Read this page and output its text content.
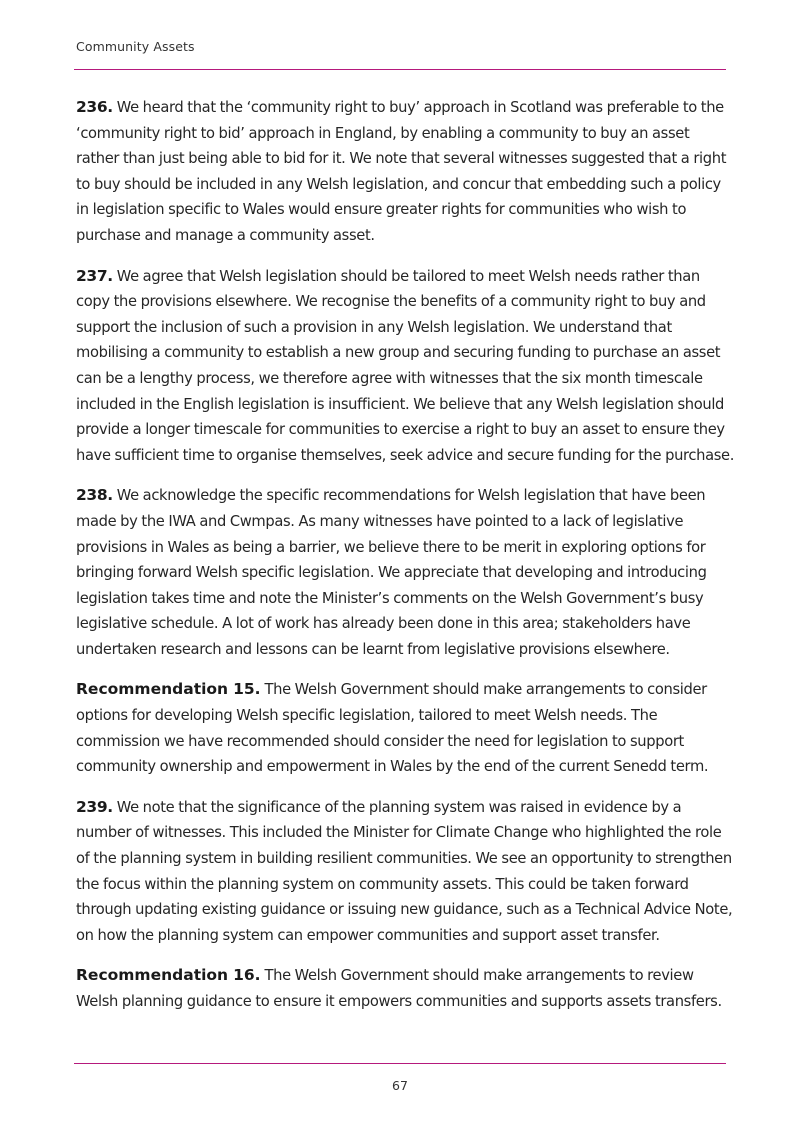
Community Assets

236. We heard that the ‘community right to buy’ approach in Scotland was preferable to the ‘community right to bid’ approach in England, by enabling a community to buy an asset rather than just being able to bid for it. We note that several witnesses suggested that a right to buy should be included in any Welsh legislation, and concur that embedding such a policy in legislation specific to Wales would ensure greater rights for communities who wish to purchase and manage a community asset.

237. We agree that Welsh legislation should be tailored to meet Welsh needs rather than copy the provisions elsewhere. We recognise the benefits of a community right to buy and support the inclusion of such a provision in any Welsh legislation. We understand that mobilising a community to establish a new group and securing funding to purchase an asset can be a lengthy process, we therefore agree with witnesses that the six month timescale included in the English legislation is insufficient. We believe that any Welsh legislation should provide a longer timescale for communities to exercise a right to buy an asset to ensure they have sufficient time to organise themselves, seek advice and secure funding for the purchase.

238. We acknowledge the specific recommendations for Welsh legislation that have been made by the IWA and Cwmpas. As many witnesses have pointed to a lack of legislative provisions in Wales as being a barrier, we believe there to be merit in exploring options for bringing forward Welsh specific legislation. We appreciate that developing and introducing legislation takes time and note the Minister’s comments on the Welsh Government’s busy legislative schedule. A lot of work has already been done in this area; stakeholders have undertaken research and lessons can be learnt from legislative provisions elsewhere.

Recommendation 15. The Welsh Government should make arrangements to consider options for developing Welsh specific legislation, tailored to meet Welsh needs. The commission we have recommended should consider the need for legislation to support community ownership and empowerment in Wales by the end of the current Senedd term.

239. We note that the significance of the planning system was raised in evidence by a number of witnesses. This included the Minister for Climate Change who highlighted the role of the planning system in building resilient communities. We see an opportunity to strengthen the focus within the planning system on community assets. This could be taken forward through updating existing guidance or issuing new guidance, such as a Technical Advice Note, on how the planning system can empower communities and support asset transfer.

Recommendation 16. The Welsh Government should make arrangements to review Welsh planning guidance to ensure it empowers communities and supports assets transfers.

67
